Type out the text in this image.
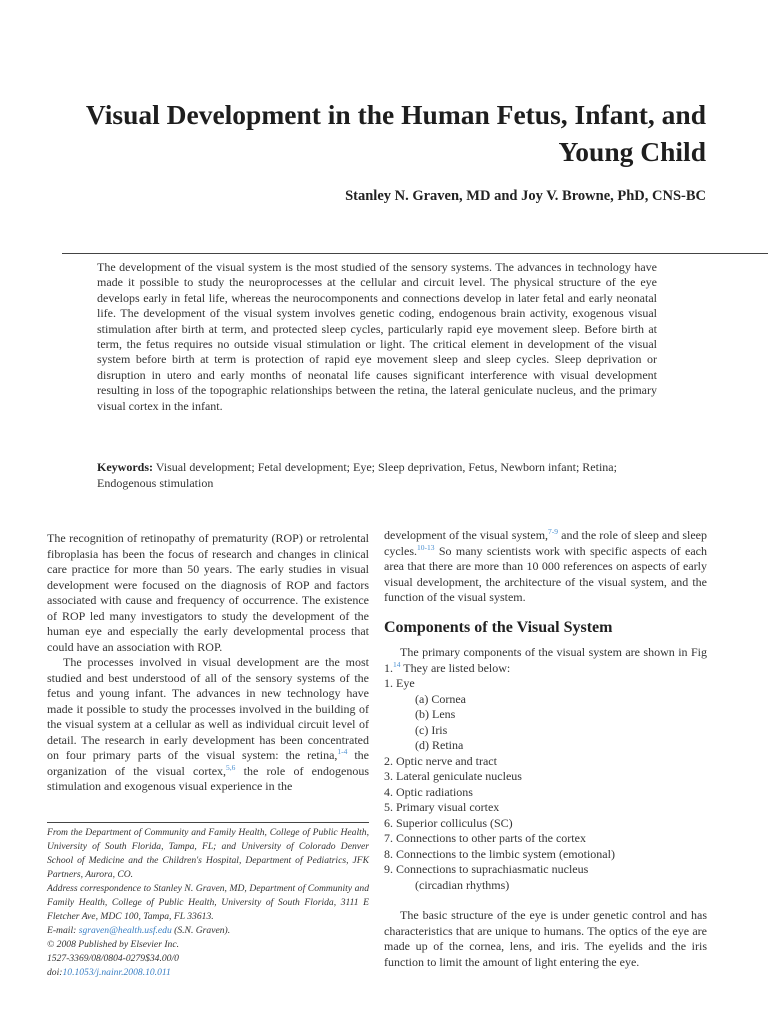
Visual Development in the Human Fetus, Infant, and Young Child
Stanley N. Graven, MD and Joy V. Browne, PhD, CNS-BC

The development of the visual system is the most studied of the sensory systems. The advances in technology have made it possible to study the neuroprocesses at the cellular and circuit level. The physical structure of the eye develops early in fetal life, whereas the neurocomponents and connections develop in later fetal and early neonatal life. The development of the visual system involves genetic coding, endogenous brain activity, exogenous visual stimulation after birth at term, and protected sleep cycles, particularly rapid eye movement sleep. Before birth at term, the fetus requires no outside visual stimulation or light. The critical element in development of the visual system before birth at term is protection of rapid eye movement sleep and sleep cycles. Sleep deprivation or disruption in utero and early months of neonatal life causes significant interference with visual development resulting in loss of the topographic relationships between the retina, the lateral geniculate nucleus, and the primary visual cortex in the infant.

Keywords: Visual development; Fetal development; Eye; Sleep deprivation, Fetus, Newborn infant; Retina; Endogenous stimulation

The recognition of retinopathy of prematurity (ROP) or retrolental fibroplasia has been the focus of research and changes in clinical care practice for more than 50 years. The early studies in visual development were focused on the diagnosis of ROP and factors associated with cause and frequency of occurrence. The existence of ROP led many investigators to study the development of the human eye and especially the early developmental process that could have an association with ROP.

The processes involved in visual development are the most studied and best understood of all of the sensory systems of the fetus and young infant. The advances in new technology have made it possible to study the processes involved in the building of the visual system at a cellular as well as individual circuit level of detail. The research in early development has been concentrated on four primary parts of the visual system: the retina,$^{1-4}$ the organization of the visual cortex,$^{5,6}$ the role of endogenous stimulation and exogenous visual experience in the

development of the visual system,$^{7-9}$ and the role of sleep and sleep cycles.$^{10-13}$ So many scientists work with specific aspects of each area that there are more than 10 000 references on aspects of early visual development, the architecture of the visual system, and the function of the visual system.

Components of the Visual System

The primary components of the visual system are shown in Fig 1.14 They are listed below:

1. Eye
(a) Cornea
(b) Lens
(c) Iris
(d) Retina
2. Optic nerve and tract
3. Lateral geniculate nucleus
4. Optic radiations
5. Primary visual cortex
6. Superior colliculus (SC)
7. Connections to other parts of the cortex
8. Connections to the limbic system (emotional)
9. Connections to suprachiasmatic nucleus
(circadian rhythms)

The basic structure of the eye is under genetic control and has characteristics that are unique to humans. The optics of the eye are made up of the cornea, lens, and iris. The eyelids and the iris function to limit the amount of light entering the eye.

From the Department of Community and Family Health, College of Public Health, University of South Florida, Tampa, FL; and University of Colorado Denver School of Medicine and the Children's Hospital, Department of Pediatrics, JFK Partners, Aurora, CO.
Address correspondence to Stanley N. Graven, MD, Department of Community and Family Health, College of Public Health, University of South Florida, 3111 E Fletcher Ave, MDC 100, Tampa, FL 33613.
E-mail: sgraven@health.usf.edu (S.N. Graven).
© 2008 Published by Elsevier Inc.
1527-3369/08/0804-0279$34.00/0
doi:10.1053/j.nainr.2008.10.011
